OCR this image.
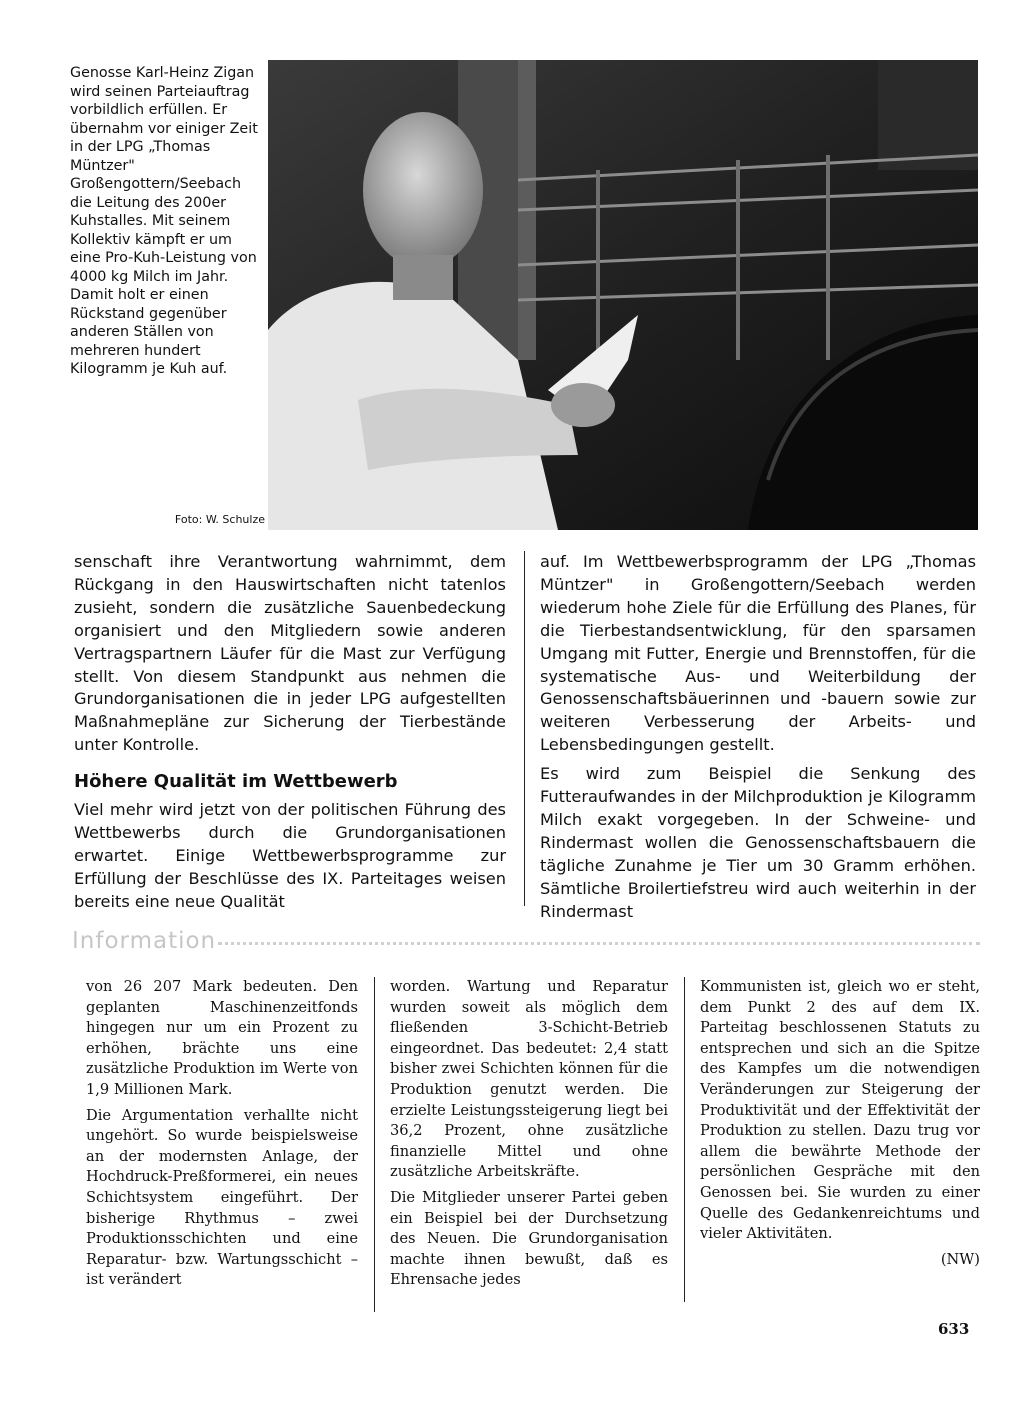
Genosse Karl-Heinz Zigan wird seinen Parteiauftrag vorbildlich erfüllen. Er übernahm vor einiger Zeit in der LPG „Thomas Müntzer" Großengottern/Seebach die Leitung des 200er Kuhstalles. Mit seinem Kollektiv kämpft er um eine Pro-Kuh-Leistung von 4000 kg Milch im Jahr. Damit holt er einen Rückstand gegenüber anderen Ställen von mehreren hundert Kilogramm je Kuh auf.
Foto: W. Schulze

senschaft ihre Verantwortung wahrnimmt, dem Rückgang in den Hauswirtschaften nicht tatenlos zusieht, sondern die zusätzliche Sauenbedeckung organisiert und den Mitgliedern sowie anderen Vertragspartnern Läufer für die Mast zur Verfügung stellt. Von diesem Standpunkt aus nehmen die Grundorganisationen die in jeder LPG aufgestellten Maßnahmepläne zur Sicherung der Tierbestände unter Kontrolle.

Höhere Qualität im Wettbewerb

Viel mehr wird jetzt von der politischen Führung des Wettbewerbs durch die Grundorganisationen erwartet. Einige Wettbewerbsprogramme zur Erfüllung der Beschlüsse des IX. Parteitages weisen bereits eine neue Qualität

auf. Im Wettbewerbsprogramm der LPG „Thomas Müntzer" in Großengottern/Seebach werden wiederum hohe Ziele für die Erfüllung des Planes, für die Tierbestandsentwicklung, für den sparsamen Umgang mit Futter, Energie und Brennstoffen, für die systematische Aus- und Weiterbildung der Genossenschaftsbäuerinnen und -bauern sowie zur weiteren Verbesserung der Arbeits- und Lebensbedingungen gestellt.

Es wird zum Beispiel die Senkung des Futteraufwandes in der Milchproduktion je Kilogramm Milch exakt vorgegeben. In der Schweine- und Rindermast wollen die Genossenschaftsbauern die tägliche Zunahme je Tier um 30 Gramm erhöhen. Sämtliche Broilertiefstreu wird auch weiterhin in der Rindermast

Information

von 26 207 Mark bedeuten. Den geplanten Maschinenzeitfonds hingegen nur um ein Prozent zu erhöhen, brächte uns eine zusätzliche Produktion im Werte von 1,9 Millionen Mark.

Die Argumentation verhallte nicht ungehört. So wurde beispielsweise an der modernsten Anlage, der Hochdruck-Preßformerei, ein neues Schichtsystem eingeführt. Der bisherige Rhythmus – zwei Produktionsschichten und eine Reparatur- bzw. Wartungsschicht – ist verändert

worden. Wartung und Reparatur wurden soweit als möglich dem fließenden 3-Schicht-Betrieb eingeordnet. Das bedeutet: 2,4 statt bisher zwei Schichten können für die Produktion genutzt werden. Die erzielte Leistungssteigerung liegt bei 36,2 Prozent, ohne zusätzliche finanzielle Mittel und ohne zusätzliche Arbeitskräfte.

Die Mitglieder unserer Partei geben ein Beispiel bei der Durchsetzung des Neuen. Die Grundorganisation machte ihnen bewußt, daß es Ehrensache jedes

Kommunisten ist, gleich wo er steht, dem Punkt 2 des auf dem IX. Parteitag beschlossenen Statuts zu entsprechen und sich an die Spitze des Kampfes um die notwendigen Veränderungen zur Steigerung der Produktivität und der Effektivität der Produktion zu stellen. Dazu trug vor allem die bewährte Methode der persönlichen Gespräche mit den Genossen bei. Sie wurden zu einer Quelle des Gedankenreichtums und vieler Aktivitäten.

(NW)

633
